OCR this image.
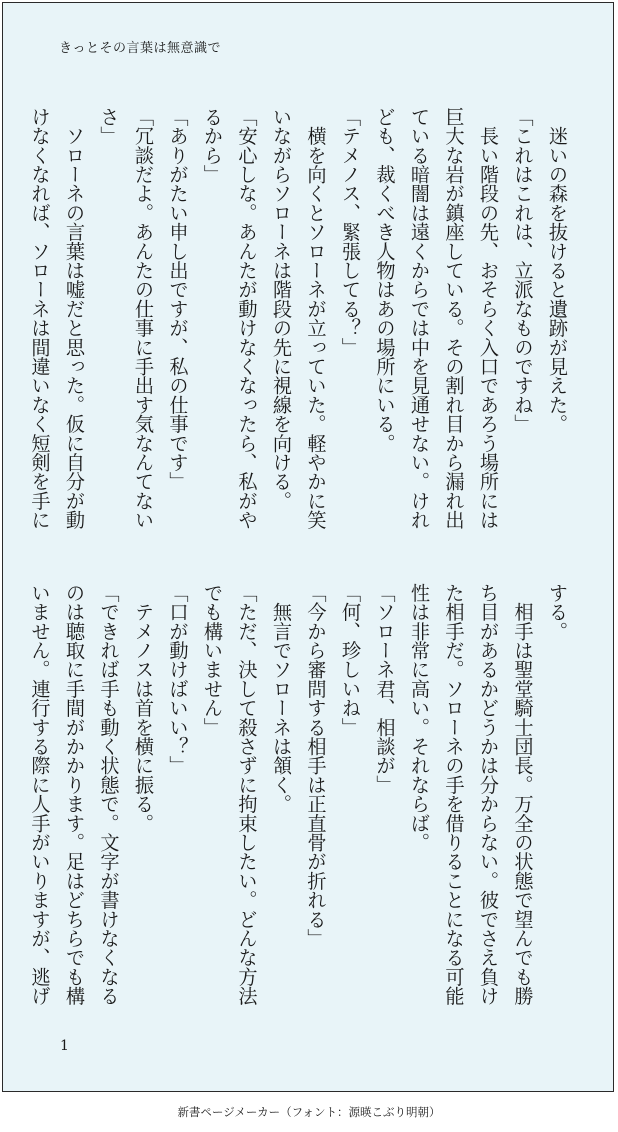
きっとその言葉は無意識で
　迷いの森を抜けると遺跡が見えた。
「これはこれは、立派なものですね」
　長い階段の先、おそらく入口であろう場所には
巨大な岩が鎮座している。その割れ目から漏れ出
ている暗闇は遠くからでは中を見通せない。けれ
ども、裁くべき人物はあの場所にいる。
「テメノス、緊張してる？」
　横を向くとソローネが立っていた。軽やかに笑
いながらソローネは階段の先に視線を向ける。
「安心しな。あんたが動けなくなったら、私がや
るから」
「ありがたい申し出ですが、私の仕事です」
「冗談だよ。あんたの仕事に手出す気なんてない
さ」
　ソローネの言葉は嘘だと思った。仮に自分が動
けなくなれば、ソローネは間違いなく短剣を手に
する。
　相手は聖堂騎士団長。万全の状態で望んでも勝
ち目があるかどうかは分からない。彼でさえ負け
た相手だ。ソローネの手を借りることになる可能
性は非常に高い。それならば。
「ソローネ君、相談が」
「何、珍しいね」
「今から審問する相手は正直骨が折れる」
　無言でソローネは頷く。
「ただ、決して殺さずに拘束したい。どんな方法
でも構いません」
「口が動けばいい？」
　テメノスは首を横に振る。
「できれば手も動く状態で。文字が書けなくなる
のは聴取に手間がかかります。足はどちらでも構
いません。連行する際に人手がいりますが、逃げ
1
新書ページメーカー（フォント：源暎こぶり明朝）
